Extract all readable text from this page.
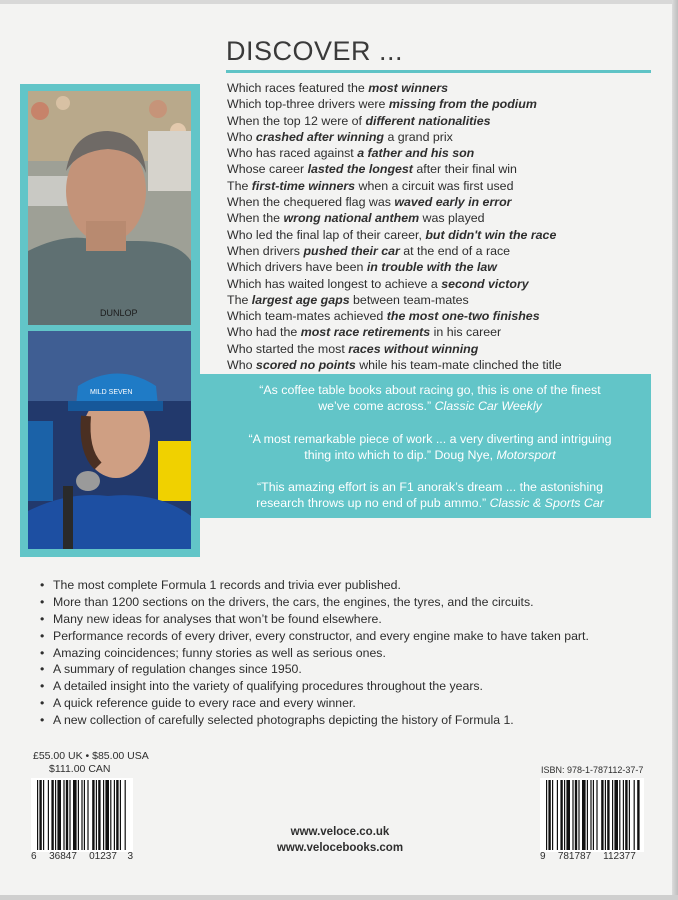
DISCOVER ...
DUNLOP
MILD SEVEN
Which races featured the most winners
Which top-three drivers were missing from the podium
When the top 12 were of different nationalities
Who crashed after winning a grand prix
Who has raced against a father and his son
Whose career lasted the longest after their final win
The first-time winners when a circuit was first used
When the chequered flag was waved early in error
When the wrong national anthem was played
Who led the final lap of their career, but didn't win the race
When drivers pushed their car at the end of a race
Which drivers have been in trouble with the law
Which has waited longest to achieve a second victory
The largest age gaps between team-mates
Which team-mates achieved the most one-two finishes
Who had the most race retirements in his career
Who started the most races without winning
Who scored no points while his team-mate clinched the title
“As coffee table books about racing go, this is one of the finest
we’ve come across.” Classic Car Weekly
“A most remarkable piece of work ... a very diverting and intriguing
thing into which to dip.” Doug Nye, Motorsport
“This amazing effort is an F1 anorak’s dream ... the astonishing
research throws up no end of pub ammo.” Classic & Sports Car
• The most complete Formula 1 records and trivia ever published.
• More than 1200 sections on the drivers, the cars, the engines, the tyres, and the circuits.
• Many new ideas for analyses that won’t be found elsewhere.
• Performance records of every driver, every constructor, and every engine make to have taken part.
• Amazing coincidences; funny stories as well as serious ones.
• A summary of regulation changes since 1950.
• A detailed insight into the variety of qualifying procedures throughout the years.
• A quick reference guide to every race and every winner.
• A new collection of carefully selected photographs depicting the history of Formula 1.
£55.00 UK • $85.00 USA
$111.00 CAN	ISBN: 978-1-787112-37-7
6 36847 01237 3	9 781787 112377
www.veloce.co.uk
www.velocebooks.com
